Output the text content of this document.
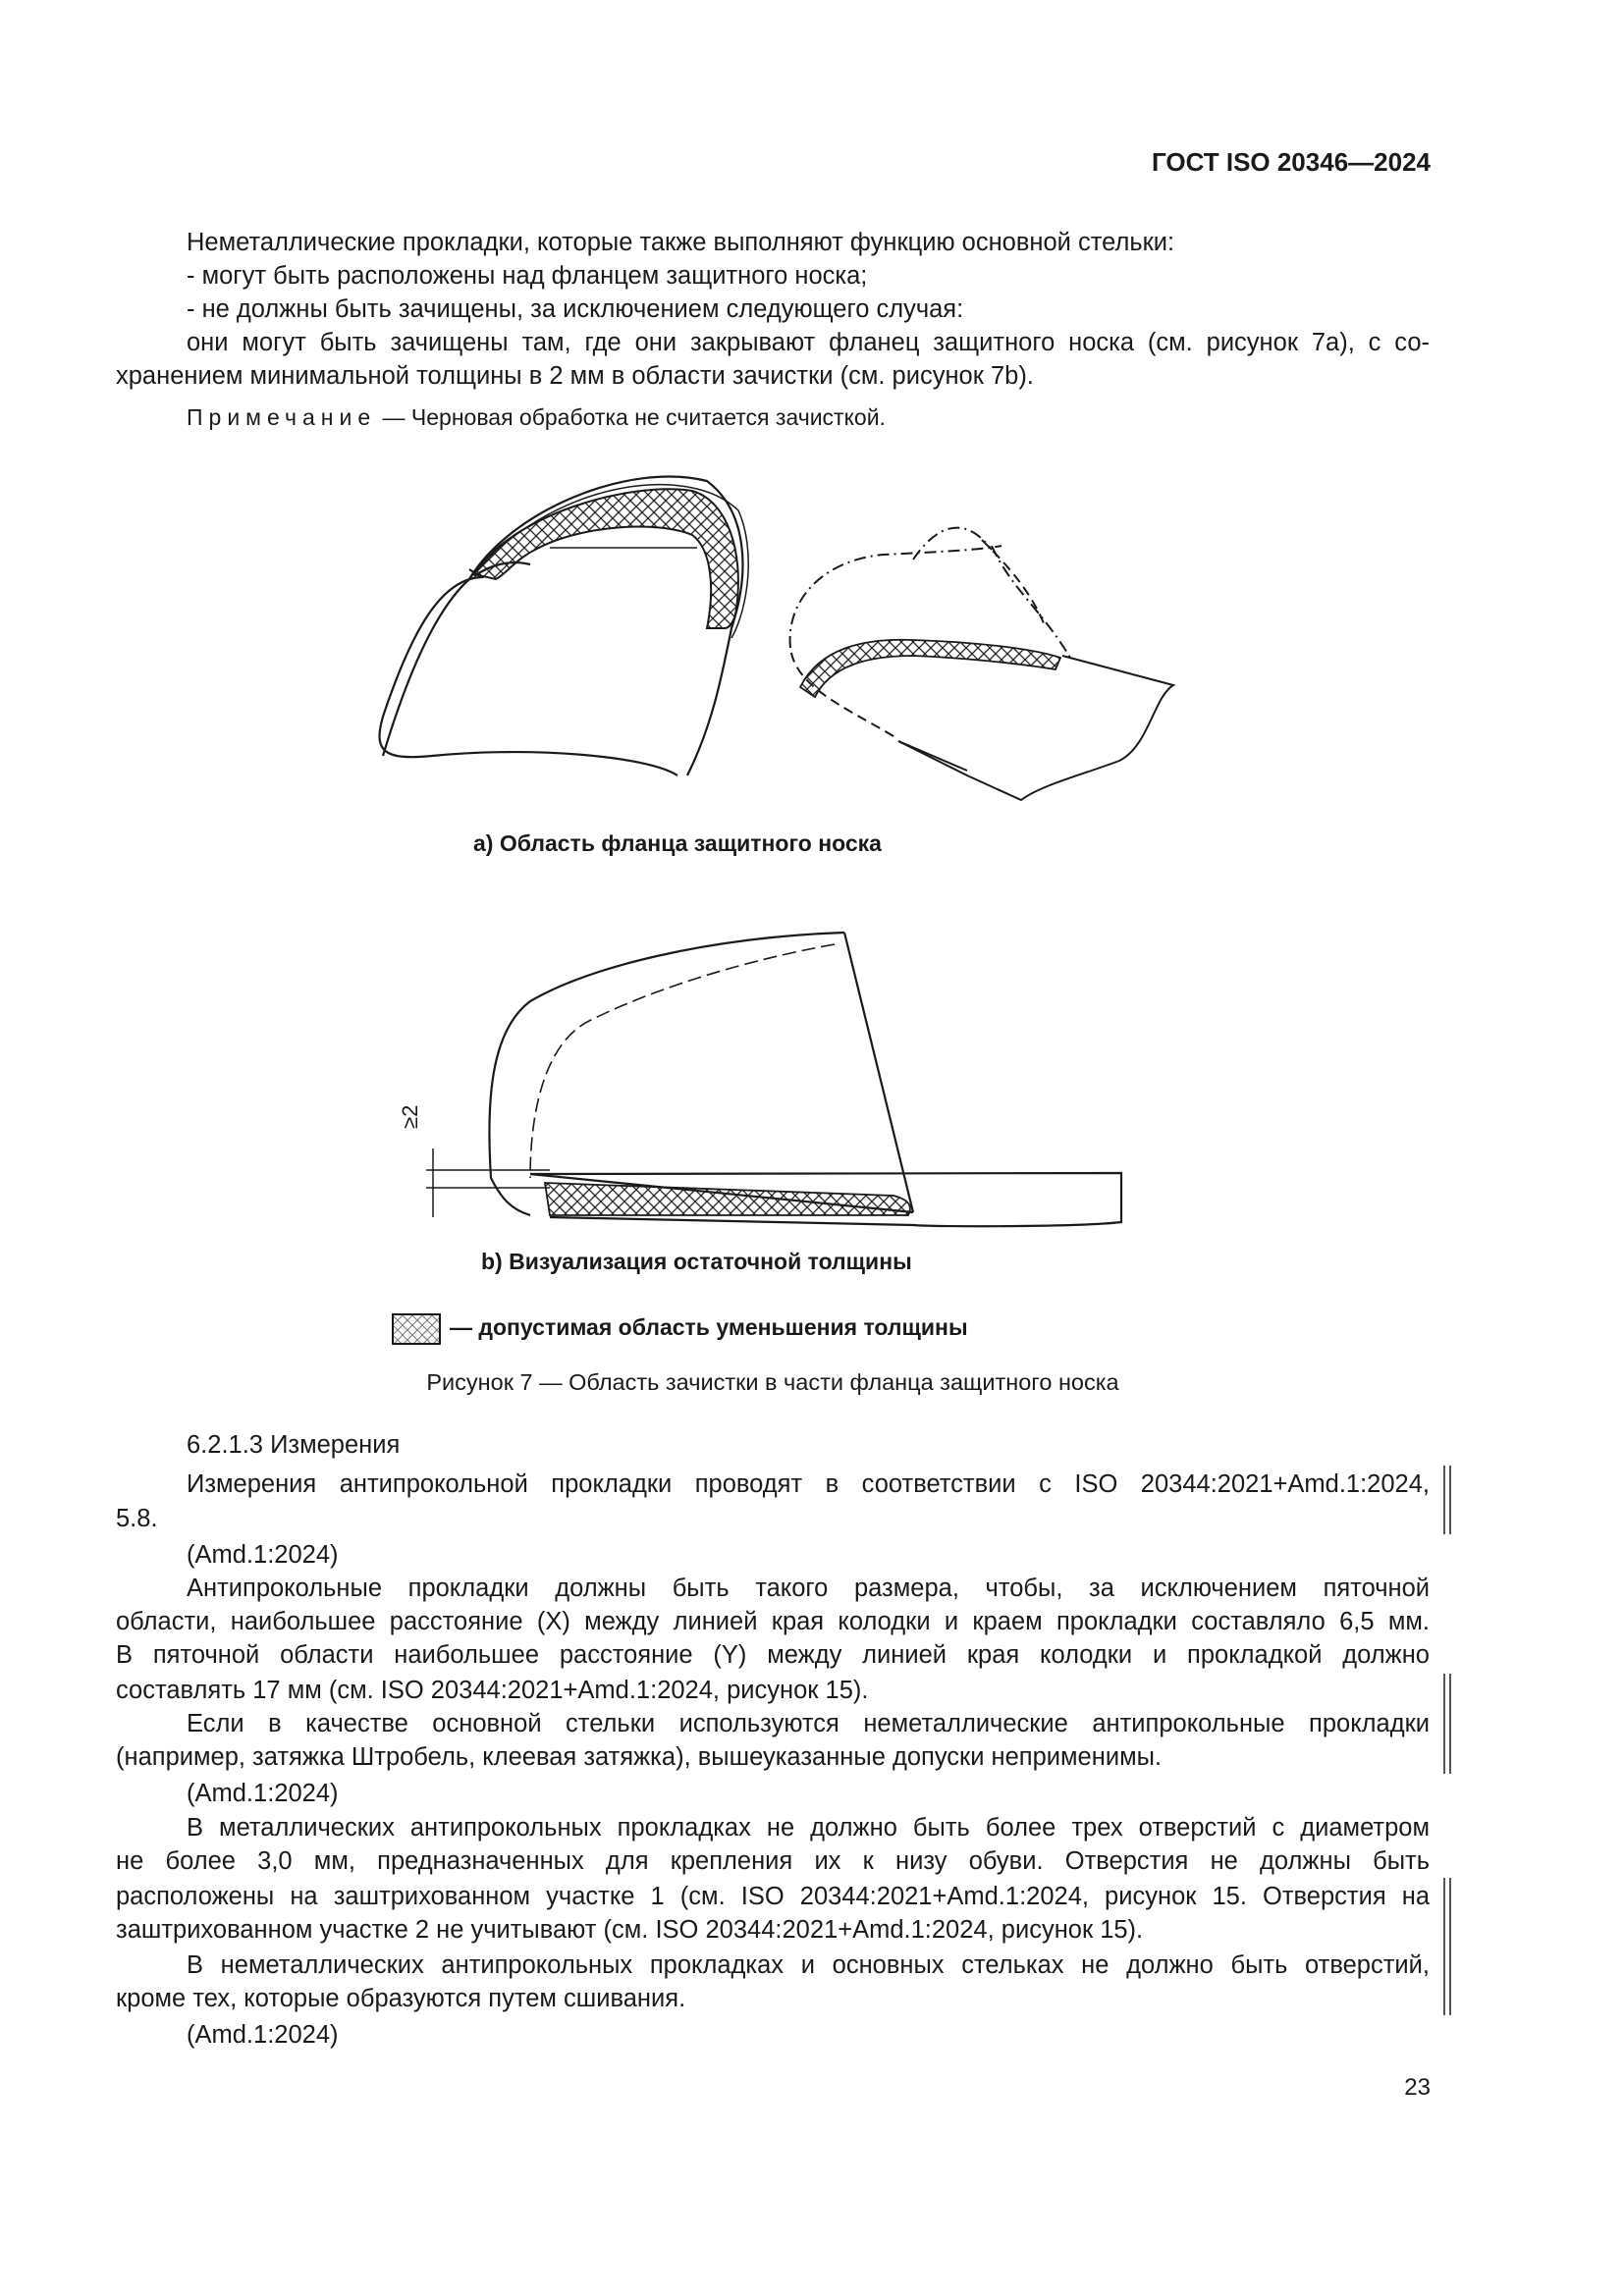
ГОСТ ISO 20346—2024

Неметаллические прокладки, которые также выполняют функцию основной стельки:

- могут быть расположены над фланцем защитного носка;

- не должны быть зачищены, за исключением следующего случая:

они могут быть зачищены там, где они закрывают фланец защитного носка (см. рисунок 7a), с со-

хранением минимальной толщины в 2 мм в области зачистки (см. рисунок 7b).

Примечание — Черновая обработка не считается зачисткой.
≥2
а) Область фланца защитного носка
b) Визуализация остаточной толщины
— допустимая область уменьшения толщины
Рисунок 7 — Область зачистки в части фланца защитного носка

6.2.1.3 Измерения

Измерения антипрокольной прокладки проводят в соответствии с ISO 20344:2021+Amd.1:2024,

5.8.

(Amd.1:2024)

Антипрокольные прокладки должны быть такого размера, чтобы, за исключением пяточной

области, наибольшее расстояние (X) между линией края колодки и краем прокладки составляло 6,5 мм.

В пяточной области наибольшее расстояние (Y) между линией края колодки и прокладкой должно

составлять 17 мм (см. ISO 20344:2021+Amd.1:2024, рисунок 15).

Если в качестве основной стельки используются неметаллические антипрокольные прокладки

(например, затяжка Штробель, клеевая затяжка), вышеуказанные допуски неприменимы.

(Amd.1:2024)

В металлических антипрокольных прокладках не должно быть более трех отверстий с диаметром

не более 3,0 мм, предназначенных для крепления их к низу обуви. Отверстия не должны быть

расположены на заштрихованном участке 1 (см. ISO 20344:2021+Amd.1:2024, рисунок 15. Отверстия на

заштрихованном участке 2 не учитывают (см. ISO 20344:2021+Amd.1:2024, рисунок 15).

В неметаллических антипрокольных прокладках и основных стельках не должно быть отверстий,

кроме тех, которые образуются путем сшивания.

(Amd.1:2024)

23
